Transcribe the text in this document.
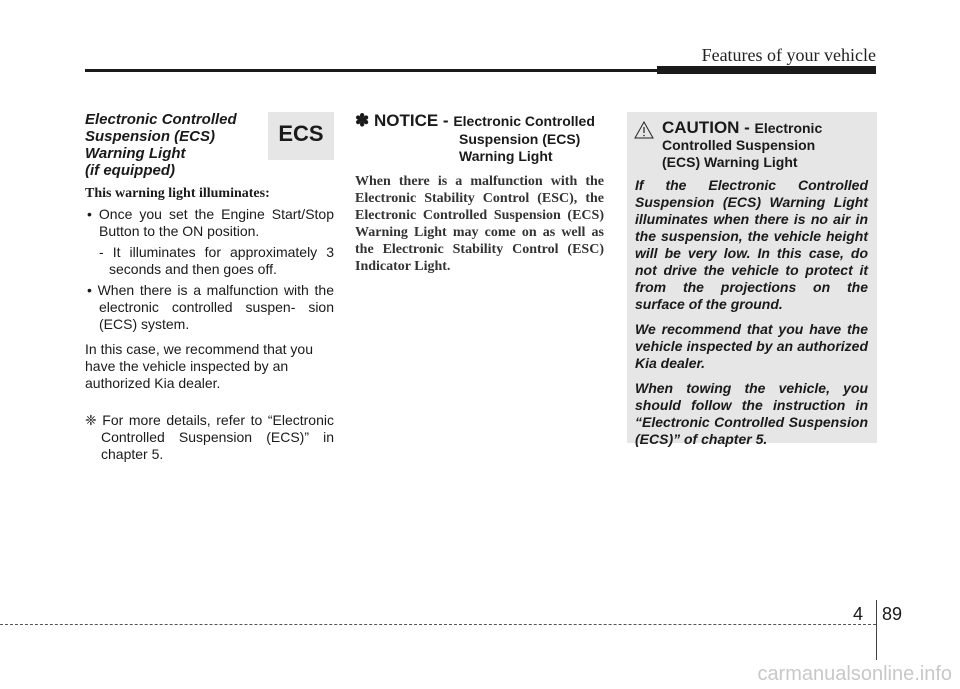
Features of your vehicle
ECS
Electronic Controlled
Suspension (ECS)
Warning Light
(if equipped)
This warning light illuminates:
• Once you set the Engine Start/Stop Button to the ON position.
- It illuminates for approximately 3 seconds and then goes off.
• When there is a malfunction with the electronic controlled suspen- sion (ECS) system.
In this case, we recommend that you have the vehicle inspected by an authorized Kia dealer.
❈ For more details, refer to “Electronic Controlled Suspension (ECS)” in chapter 5.
✽ NOTICE - Electronic Controlled
Suspension (ECS)
Warning Light
When there is a malfunction with the Electronic Stability Control (ESC), the Electronic Controlled Suspension (ECS) Warning Light may come on as well as the Electronic Stability Control (ESC) Indicator Light.
CAUTION - Electronic
Controlled Suspension
(ECS) Warning Light
If the Electronic Controlled Suspension (ECS) Warning Light illuminates when there is no air in the suspension, the vehicle height will be very low. In this case, do not drive the vehicle to protect it from the projections on the surface of the ground.
We recommend that you have the vehicle inspected by an authorized Kia dealer.
When towing the vehicle, you should follow the instruction in “Electronic Controlled Suspension (ECS)” of chapter 5.
4 89
carmanualsonline.info
